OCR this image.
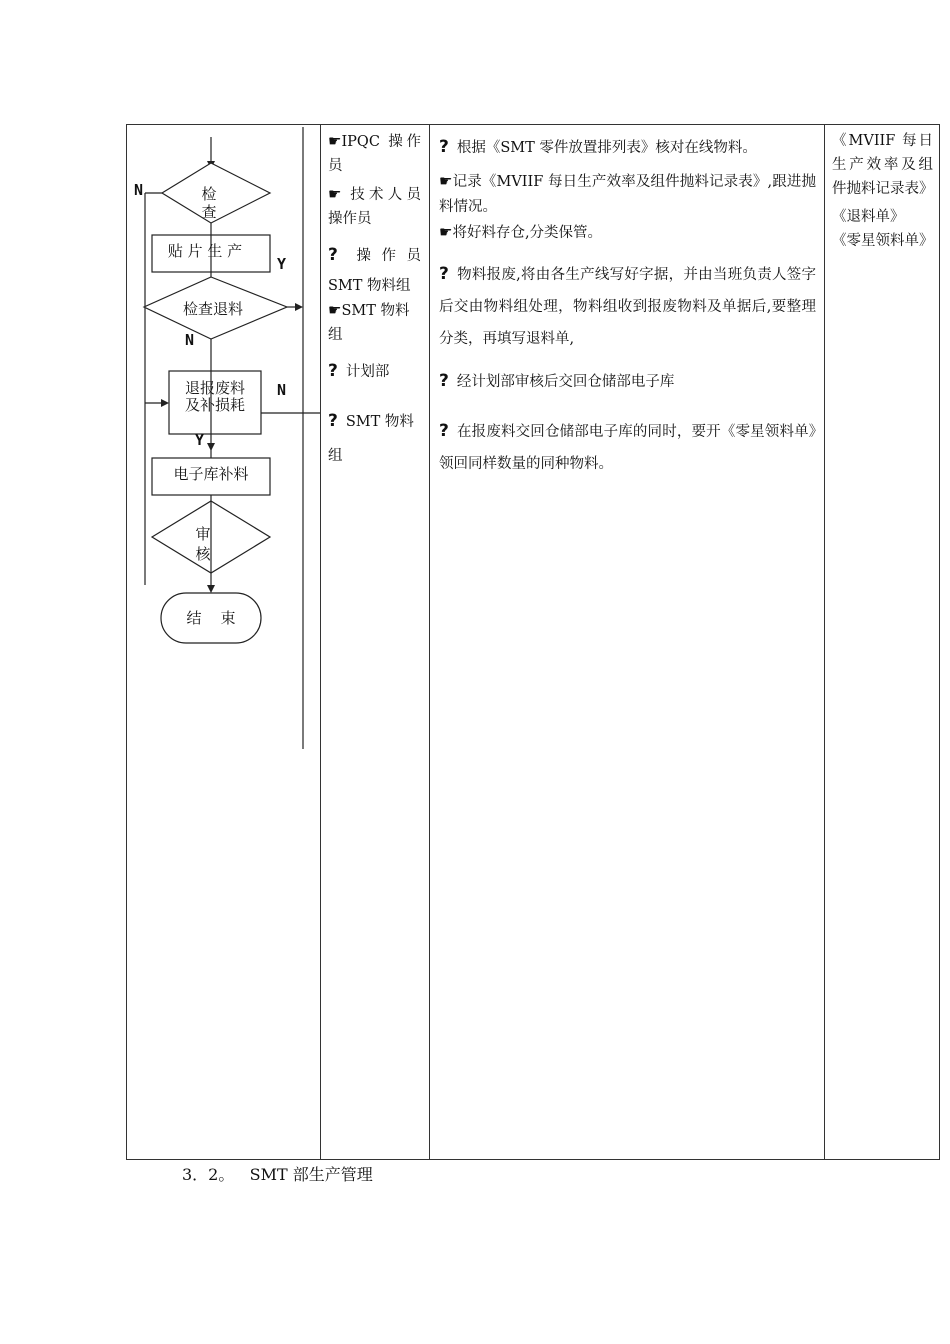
检
查
贴 片 生 产
检查退料
退报废料
及补损耗
电子库补料
审
核
结    束
N
Y
N
N
Y
☛IPQC 操作员
☛ 技术人员
操作员
? 操作员
SMT 物料组
☛SMT 物料组
? 计划部
? SMT 物料组

? 根据《SMT 零件放置排列表》核对在线物料。

☛记录《MVIIF 每日生产效率及组件抛料记录表》,跟进抛料情况。

☛将好料存仓,分类保管。

? 物料报废,将由各生产线写好字据，并由当班负责人签字后交由物料组处理，物料组收到报废物料及单据后,要整理分类，再填写退料单,

? 经计划部审核后交回仓储部电子库

? 在报废料交回仓储部电子库的同时，要开《零星领料单》领回同样数量的同种物料。

《MVIIF 每日生产效率及组件抛料记录表》
《退料单》
《零星领料单》
3．2。 SMT 部生产管理
